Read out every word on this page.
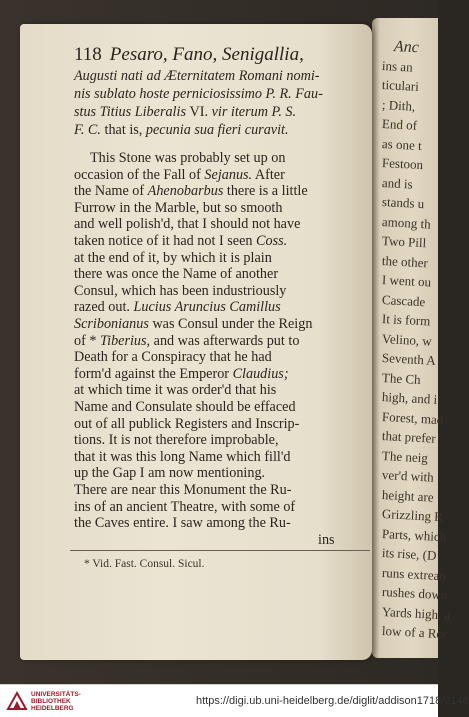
Anc
ins an
ticulari
; Dith,
End of
as one t
Festoon
and is
stands u
among th
Two Pill
the other
I went ou
Cascade
It is form
Velino, w
Seventh A
The Ch
high, and i
Forest, mad
that prefer
The neig
ver'd with
height are
Grizzling R
Parts, which
its rise, (D
runs extrean
rushes down
Yards high, a
low of a Roc
118 Pesaro, Fano, Senigallia,
Augusti nati ad Æternitatem Romani nomi-
nis sublato hoste perniciosissimo P. R. Fau-
stus Titius Liberalis VI. vir iterum P. S.
F. C. that is, pecunia sua fieri curavit.
This Stone was probably set up on
occasion of the Fall of Sejanus. After
the Name of Ahenobarbus there is a little
Furrow in the Marble, but so smooth
and well polish'd, that I should not have
taken notice of it had not I seen Coss.
at the end of it, by which it is plain
there was once the Name of another
Consul, which has been industriously
razed out. Lucius Aruncius Camillus
Scribonianus was Consul under the Reign
of * Tiberius, and was afterwards put to
Death for a Conspiracy that he had
form'd against the Emperor Claudius;
at which time it was order'd that his
Name and Consulate should be effaced
out of all publick Registers and Inscrip-
tions. It is not therefore improbable,
that it was this long Name which fill'd
up the Gap I am now mentioning.
There are near this Monument the Ru-
ins of an ancient Theatre, with some of
the Caves entire. I saw among the Ru-
ins
* Vid. Fast. Consul. Sicul.
UNIVERSITÄTS-
BIBLIOTHEK
HEIDELBERG
https://digi.ub.uni-heidelberg.de/diglit/addison1718/0146
